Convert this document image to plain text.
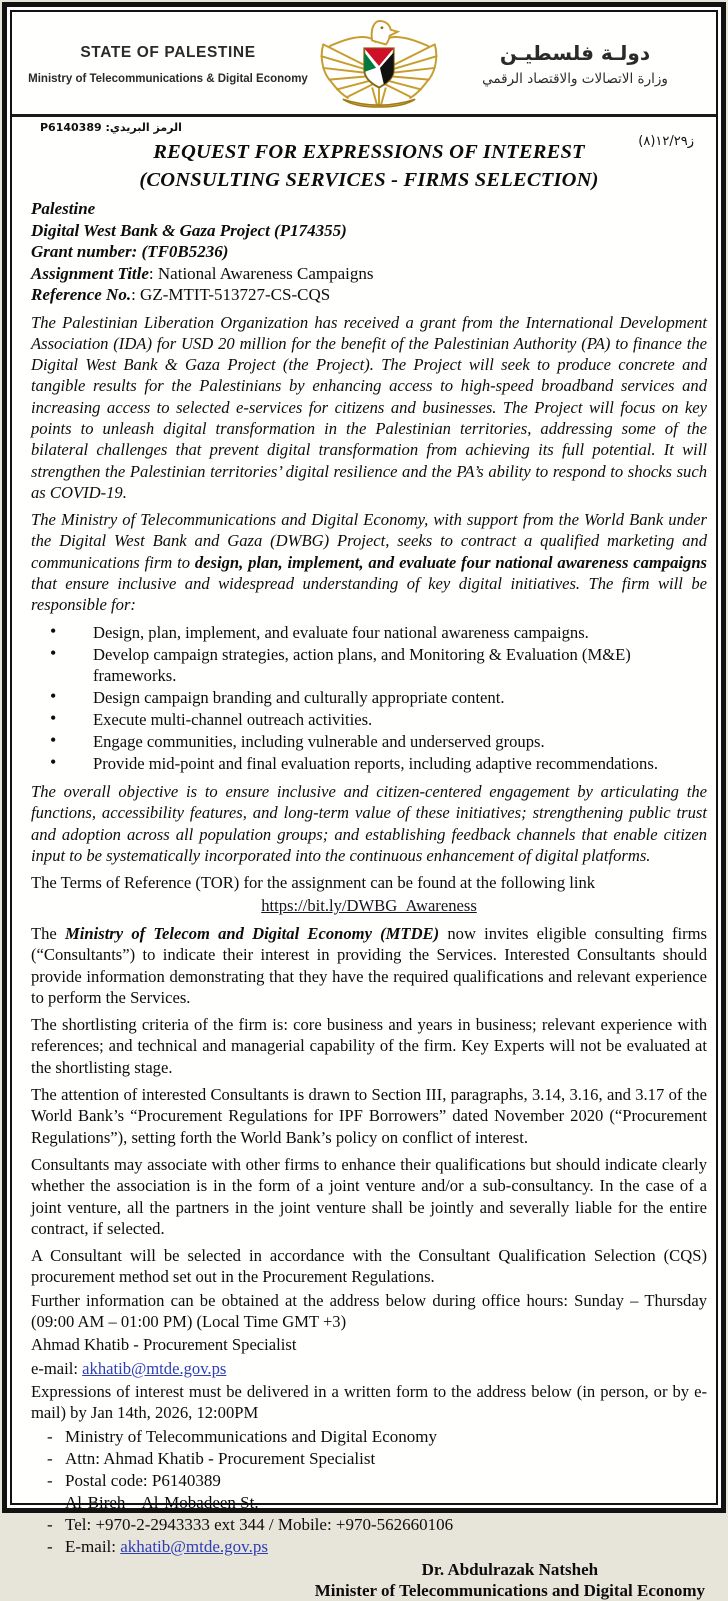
STATE OF PALESTINE
Ministry of Telecommunications & Digital Economy
دولـة فلسطيـن
وزارة الاتصالات والاقتصاد الرقمي
الرمز البريدي: P6140389
(٨)١٢/٢٩ز
REQUEST FOR EXPRESSIONS OF INTEREST
(CONSULTING SERVICES - FIRMS SELECTION)
Palestine
Digital West Bank & Gaza Project (P174355)
Grant number: (TF0B5236)
Assignment Title: National Awareness Campaigns
Reference No.: GZ-MTIT-513727-CS-CQS

The Palestinian Liberation Organization has received a grant from the International Development Association (IDA) for USD 20 million for the benefit of the Palestinian Authority (PA) to finance the Digital West Bank & Gaza Project (the Project). The Project will seek to produce concrete and tangible results for the Palestinians by enhancing access to high-speed broadband services and increasing access to selected e-services for citizens and businesses. The Project will focus on key points to unleash digital transformation in the Palestinian territories, addressing some of the bilateral challenges that prevent digital transformation from achieving its full potential. It will strengthen the Palestinian territories’ digital resilience and the PA’s ability to respond to shocks such as COVID-19.

The Ministry of Telecommunications and Digital Economy, with support from the World Bank under the Digital West Bank and Gaza (DWBG) Project, seeks to contract a qualified marketing and communications firm to design, plan, implement, and evaluate four national awareness campaigns that ensure inclusive and widespread understanding of key digital initiatives. The firm will be responsible for:

• Design, plan, implement, and evaluate four national awareness campaigns.
• Develop campaign strategies, action plans, and Monitoring & Evaluation (M&E) frameworks.
• Design campaign branding and culturally appropriate content.
• Execute multi-channel outreach activities.
• Engage communities, including vulnerable and underserved groups.
• Provide mid-point and final evaluation reports, including adaptive recommendations.

The overall objective is to ensure inclusive and citizen-centered engagement by articulating the functions, accessibility features, and long-term value of these initiatives; strengthening public trust and adoption across all population groups; and establishing feedback channels that enable citizen input to be systematically incorporated into the continuous enhancement of digital platforms.

The Terms of Reference (TOR) for the assignment can be found at the following link

https://bit.ly/DWBG_Awareness

The Ministry of Telecom and Digital Economy (MTDE) now invites eligible consulting firms (“Consultants”) to indicate their interest in providing the Services. Interested Consultants should provide information demonstrating that they have the required qualifications and relevant experience to perform the Services.

The shortlisting criteria of the firm is: core business and years in business; relevant experience with references; and technical and managerial capability of the firm. Key Experts will not be evaluated at the shortlisting stage.

The attention of interested Consultants is drawn to Section III, paragraphs, 3.14, 3.16, and 3.17 of the World Bank’s “Procurement Regulations for IPF Borrowers” dated November 2020 (“Procurement Regulations”), setting forth the World Bank’s policy on conflict of interest.

Consultants may associate with other firms to enhance their qualifications but should indicate clearly whether the association is in the form of a joint venture and/or a sub-consultancy. In the case of a joint venture, all the partners in the joint venture shall be jointly and severally liable for the entire contract, if selected.

A Consultant will be selected in accordance with the Consultant Qualification Selection (CQS) procurement method set out in the Procurement Regulations.

Further information can be obtained at the address below during office hours: Sunday – Thursday (09:00 AM – 01:00 PM) (Local Time GMT +3)

Ahmad Khatib - Procurement Specialist

e-mail: akhatib@mtde.gov.ps

Expressions of interest must be delivered in a written form to the address below (in person, or by e-mail) by Jan 14th, 2026, 12:00PM

- Ministry of Telecommunications and Digital Economy
- Attn: Ahmad Khatib - Procurement Specialist
- Postal code: P6140389
- Al-Bireh – Al-Mobadeen St.
- Tel: +970-2-2943333 ext 344 / Mobile: +970-562660106
- E-mail: akhatib@mtde.gov.ps
Dr. Abdulrazak Natsheh
Minister of Telecommunications and Digital Economy
